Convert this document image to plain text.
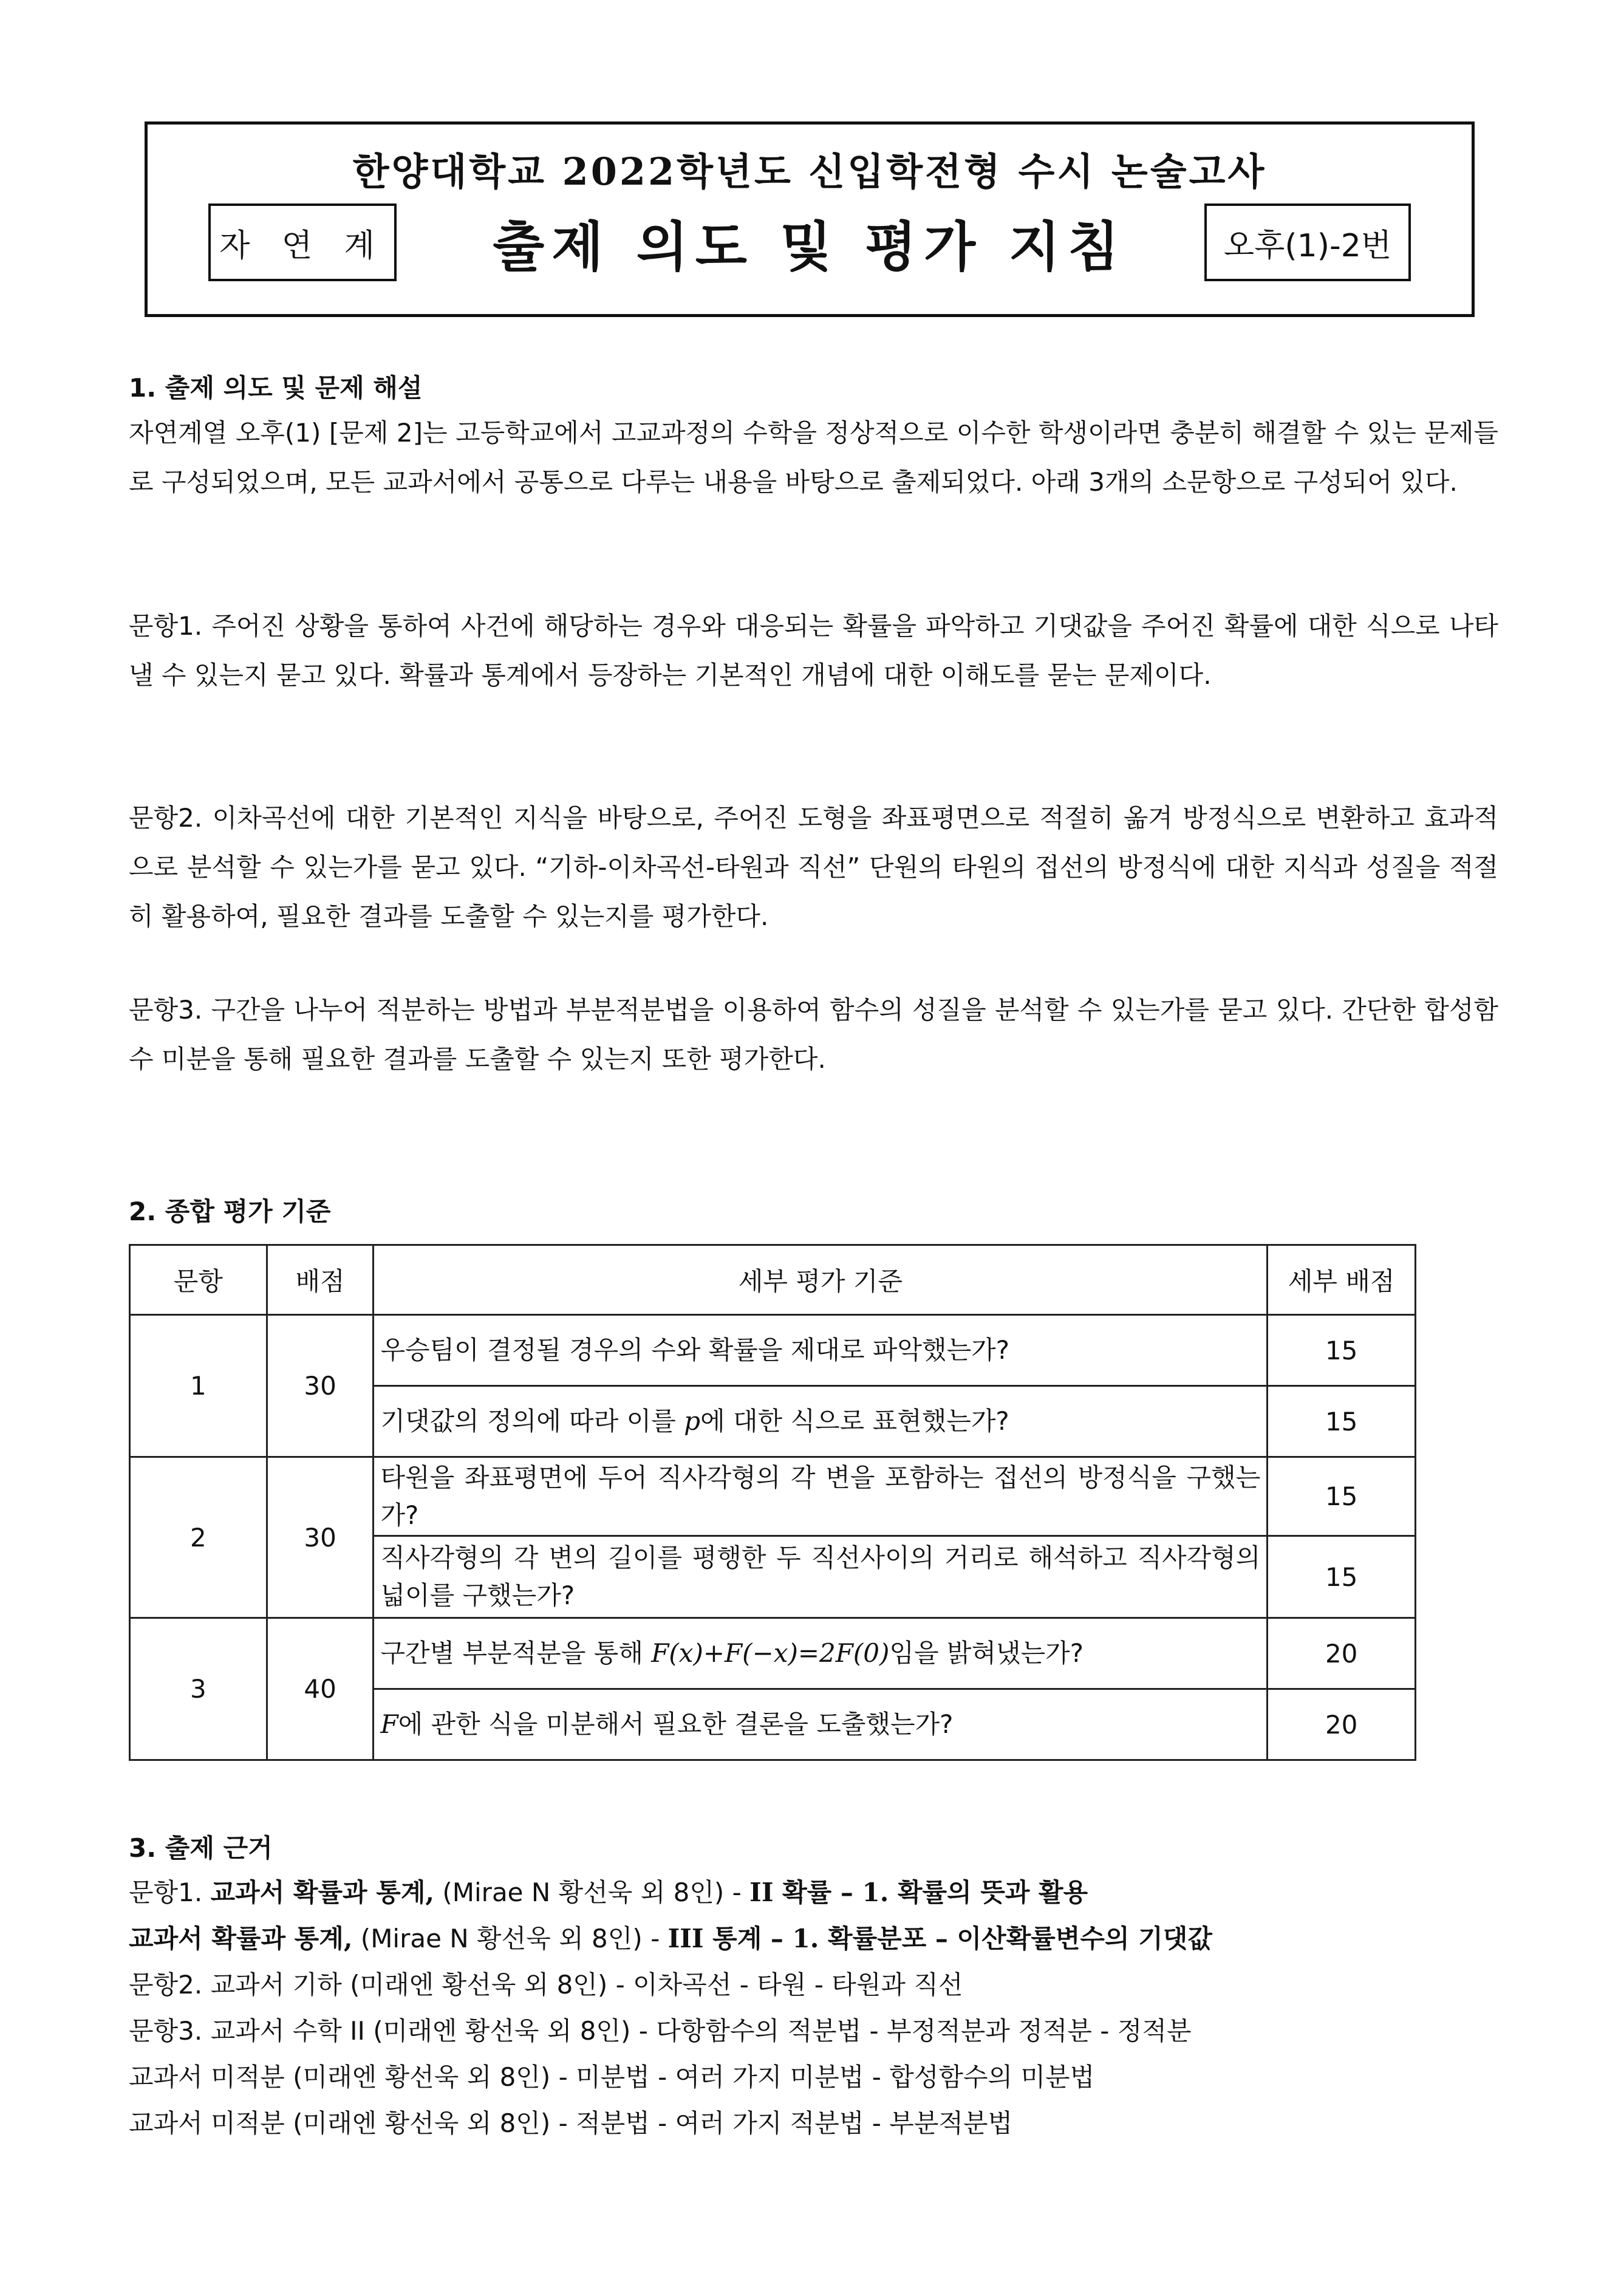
한양대학교 2022학년도 신입학전형 수시 논술고사
자 연 계	출제 의도 및 평가 지침	오후(1)-2번
1. 출제 의도 및 문제 해설
자연계열 오후(1) [문제 2]는 고등학교에서 고교과정의 수학을 정상적으로 이수한 학생이라면 충분히 해결할 수 있는 문제들로 구성되었으며, 모든 교과서에서 공통으로 다루는 내용을 바탕으로 출제되었다. 아래 3개의 소문항으로 구성되어 있다.
문항1. 주어진 상황을 통하여 사건에 해당하는 경우와 대응되는 확률을 파악하고 기댓값을 주어진 확률에 대한 식으로 나타낼 수 있는지 묻고 있다. 확률과 통계에서 등장하는 기본적인 개념에 대한 이해도를 묻는 문제이다.
문항2. 이차곡선에 대한 기본적인 지식을 바탕으로, 주어진 도형을 좌표평면으로 적절히 옮겨 방정식으로 변환하고 효과적으로 분석할 수 있는가를 묻고 있다. “기하-이차곡선-타원과 직선” 단원의 타원의 접선의 방정식에 대한 지식과 성질을 적절히 활용하여, 필요한 결과를 도출할 수 있는지를 평가한다.
문항3. 구간을 나누어 적분하는 방법과 부분적분법을 이용하여 함수의 성질을 분석할 수 있는가를 묻고 있다. 간단한 합성함수 미분을 통해 필요한 결과를 도출할 수 있는지 또한 평가한다.
2. 종합 평가 기준
문항	배점	세부 평가 기준	세부 배점
1	30	우승팀이 결정될 경우의 수와 확률을 제대로 파악했는가?	15
		기댓값의 정의에 따라 이를 p에 대한 식으로 표현했는가?	15
2	30	타원을 좌표평면에 두어 직사각형의 각 변을 포함하는 접선의 방정식을 구했는가?	15
		직사각형의 각 변의 길이를 평행한 두 직선사이의 거리로 해석하고 직사각형의 넓이를 구했는가?	15
3	40	구간별 부분적분을 통해 F(x)+F(−x)=2F(0)임을 밝혀냈는가?	20
		F에 관한 식을 미분해서 필요한 결론을 도출했는가?	20
3. 출제 근거
문항1. 교과서 확률과 통계, (Mirae N 황선욱 외 8인) - II 확률 – 1. 확률의 뜻과 활용
교과서 확률과 통계, (Mirae N 황선욱 외 8인) - III 통계 – 1. 확률분포 – 이산확률변수의 기댓값
문항2. 교과서 기하 (미래엔 황선욱 외 8인) - 이차곡선 - 타원 - 타원과 직선
문항3. 교과서 수학 II (미래엔 황선욱 외 8인) - 다항함수의 적분법 - 부정적분과 정적분 - 정적분
교과서 미적분 (미래엔 황선욱 외 8인) - 미분법 - 여러 가지 미분법 - 합성함수의 미분법
교과서 미적분 (미래엔 황선욱 외 8인) - 적분법 - 여러 가지 적분법 - 부분적분법
